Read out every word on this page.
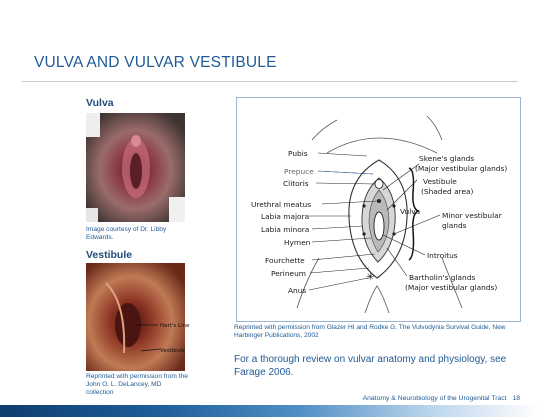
VULVA AND VULVAR VESTIBULE
Vulva
Image courtesy of Dr. Libby Edwards.
Vestibule
Hart's Line
Vestibule
Reprinted with permission from the John O. L. DeLancey, MD collection
✳
Pubis
Prepuce
Clitoris
Urethral meatus
Labia majora
Labia minora
Hymen
Fourchette
Perineum
Anus
Skene's glands
(Major vestibular glands)
Vestibule
(Shaded area)
Vulva	Minor vestibular
glands
Introitus
Bartholin's glands
(Major vestibular glands)
Reprinted with permission from Glazer HI and Rodke G. The Vulvodynia Survival Guide, New Harbinger Publications, 2002
For a thorough review on vulvar anatomy and physiology, see Farage 2006.
Anatomy & Neurobiology of the Urogenital Tract 18
